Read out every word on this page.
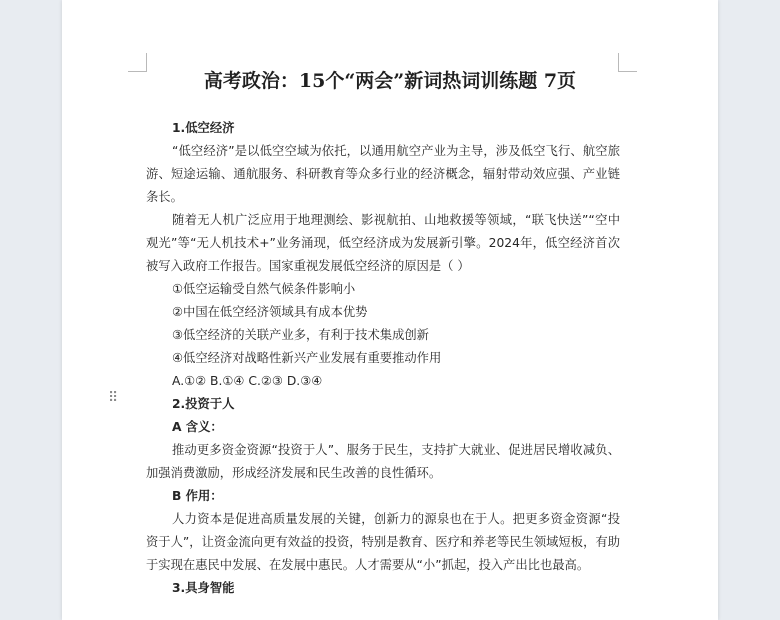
高考政治：15个“两会”新词热词训练题 7页

1.低空经济

“低空经济”是以低空空域为依托，以通用航空产业为主导，涉及低空飞行、航空旅游、短途运输、通航服务、科研教育等众多行业的经济概念，辐射带动效应强、产业链条长。

随着无人机广泛应用于地理测绘、影视航拍、山地救援等领域，“联飞快送”“空中观光”等“无人机技术+”业务涌现，低空经济成为发展新引擎。2024年，低空经济首次被写入政府工作报告。国家重视发展低空经济的原因是（ ）

①低空运输受自然气候条件影响小

②中国在低空经济领域具有成本优势

③低空经济的关联产业多，有利于技术集成创新

④低空经济对战略性新兴产业发展有重要推动作用

A.①② B.①④ C.②③ D.③④

2.投资于人

A 含义：

推动更多资金资源“投资于人”、服务于民生，支持扩大就业、促进居民增收减负、加强消费激励，形成经济发展和民生改善的良性循环。

B 作用：

人力资本是促进高质量发展的关键，创新力的源泉也在于人。把更多资金资源“投资于人”，让资金流向更有效益的投资，特别是教育、医疗和养老等民生领域短板，有助于实现在惠民中发展、在发展中惠民。人才需要从“小”抓起，投入产出比也最高。

3.具身智能

⠿
